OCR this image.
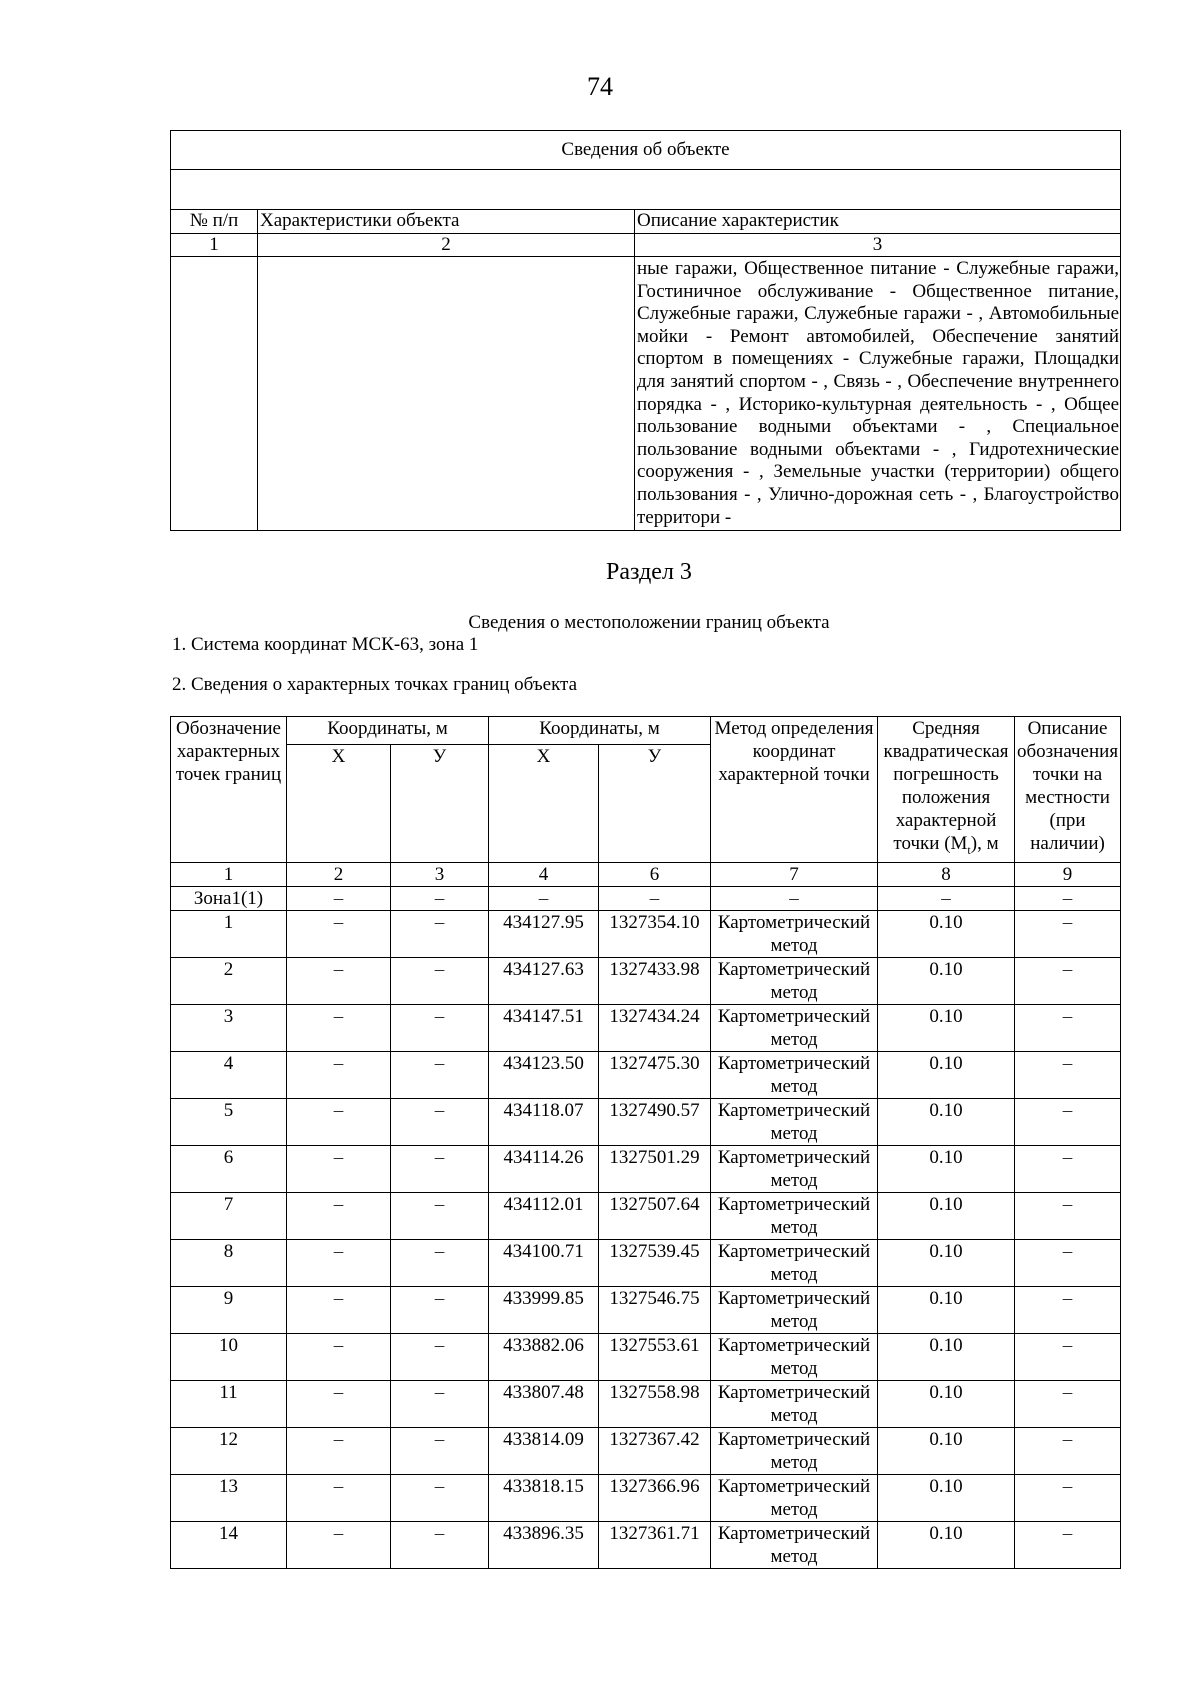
74
Сведения об объекте		

№ п/п	Характеристики объекта	Описание характеристик
1	2	3
		ные гаражи, Общественное питание - Служебные гаражи, Гостиничное обслуживание - Общественное питание, Служебные гаражи, Служебные гаражи - , Автомобильные мойки - Ремонт автомобилей, Обеспечение занятий спортом в помещениях - Служебные гаражи, Площадки для занятий спортом - , Связь - , Обеспечение внутреннего порядка - , Историко-культурная деятельность - , Общее пользование водными объектами - , Специальное пользование водными объектами - , Гидротехнические сооружения - , Земельные участки (территории) общего пользования - , Улично-дорожная сеть - , Благоустройство территори -
Раздел 3
Сведения о местоположении границ объекта
1. Система координат МСК-63, зона 1
2. Сведения о характерных точках границ объекта
Обозначение характерных точек границ	Координаты, м		Координаты, м		Метод определения координат характерной точки	Средняя квадратическая погрешность положения характерной точки $(M_t)$, м	Описание обозначения точки на местности (при наличии)
	X	У	X	У			
1	2	3	4	6	7	8	9
Зона1(1)	–	–	–	–	–	–	–
1	–	–	434127.95	1327354.10	Картометрический метод	0.10	–
2	–	–	434127.63	1327433.98	Картометрический метод	0.10	–
3	–	–	434147.51	1327434.24	Картометрический метод	0.10	–
4	–	–	434123.50	1327475.30	Картометрический метод	0.10	–
5	–	–	434118.07	1327490.57	Картометрический метод	0.10	–
6	–	–	434114.26	1327501.29	Картометрический метод	0.10	–
7	–	–	434112.01	1327507.64	Картометрический метод	0.10	–
8	–	–	434100.71	1327539.45	Картометрический метод	0.10	–
9	–	–	433999.85	1327546.75	Картометрический метод	0.10	–
10	–	–	433882.06	1327553.61	Картометрический метод	0.10	–
11	–	–	433807.48	1327558.98	Картометрический метод	0.10	–
12	–	–	433814.09	1327367.42	Картометрический метод	0.10	–
13	–	–	433818.15	1327366.96	Картометрический метод	0.10	–
14	–	–	433896.35	1327361.71	Картометрический метод	0.10	–
